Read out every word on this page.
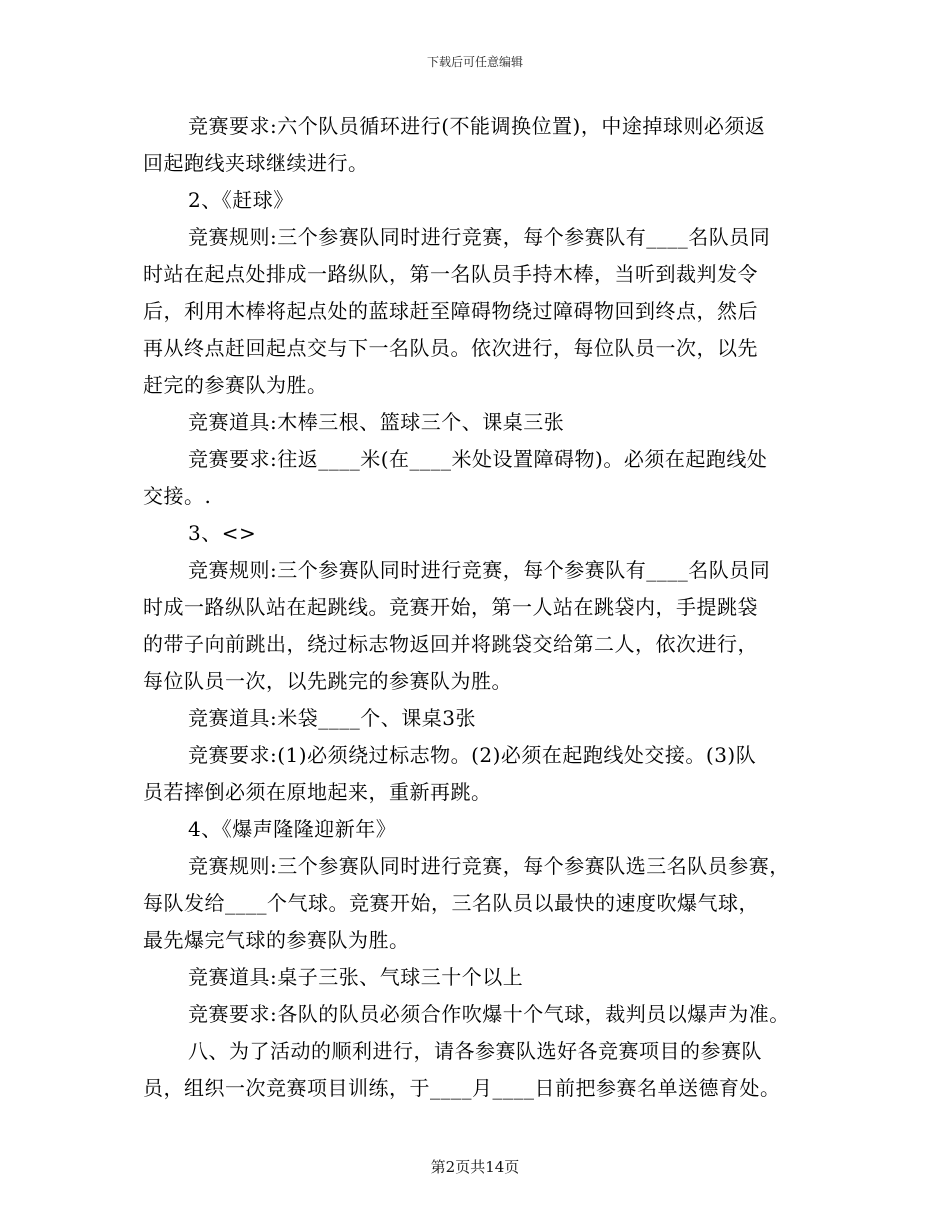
下载后可任意编辑
竞赛要求:六个队员循环进行(不能调换位置)，中途掉球则必须返
回起跑线夹球继续进行。
2、《赶球》
竞赛规则:三个参赛队同时进行竞赛，每个参赛队有____名队员同
时站在起点处排成一路纵队，第一名队员手持木棒，当听到裁判发令
后，利用木棒将起点处的蓝球赶至障碍物绕过障碍物回到终点，然后
再从终点赶回起点交与下一名队员。依次进行，每位队员一次，以先
赶完的参赛队为胜。
竞赛道具:木棒三根、篮球三个、课桌三张
竞赛要求:往返____米(在____米处设置障碍物)。必须在起跑线处
交接。.
3、<>
竞赛规则:三个参赛队同时进行竞赛，每个参赛队有____名队员同
时成一路纵队站在起跳线。竞赛开始，第一人站在跳袋内，手提跳袋
的带子向前跳出，绕过标志物返回并将跳袋交给第二人，依次进行，
每位队员一次，以先跳完的参赛队为胜。
竞赛道具:米袋____个、课桌3张
竞赛要求:(1)必须绕过标志物。(2)必须在起跑线处交接。(3)队
员若摔倒必须在原地起来，重新再跳。
4、《爆声隆隆迎新年》
竞赛规则:三个参赛队同时进行竞赛，每个参赛队选三名队员参赛，
每队发给____个气球。竞赛开始，三名队员以最快的速度吹爆气球，
最先爆完气球的参赛队为胜。
竞赛道具:桌子三张、气球三十个以上
竞赛要求:各队的队员必须合作吹爆十个气球，裁判员以爆声为准。
八、为了活动的顺利进行，请各参赛队选好各竞赛项目的参赛队
员，组织一次竞赛项目训练，于____月____日前把参赛名单送德育处。
第2页共14页
